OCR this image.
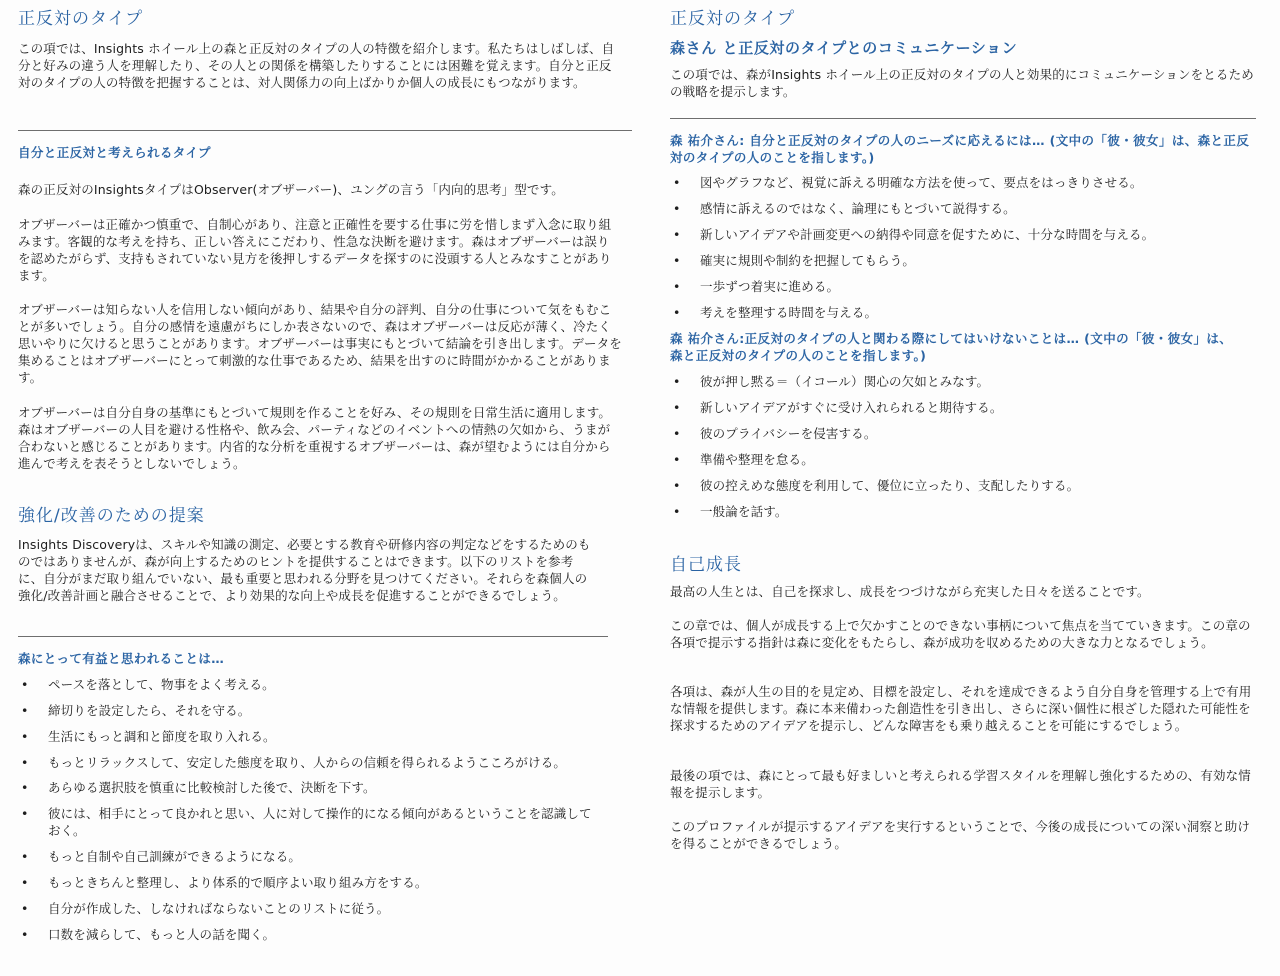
正反対のタイプ

この項では、Insights ホイール上の森と正反対のタイプの人の特徴を紹介します。私たちはしばしば、自分と好みの違う人を理解したり、その人との関係を構築したりすることには困難を覚えます。自分と正反対のタイプの人の特徴を把握することは、対人関係力の向上ばかりか個人の成長にもつながります。

自分と正反対と考えられるタイプ

森の正反対のInsightsタイプはObserver(オブザーバー)、ユングの言う「内向的思考」型です。

オブザーバーは正確かつ慎重で、自制心があり、注意と正確性を要する仕事に労を惜しまず入念に取り組みます。客観的な考えを持ち、正しい答えにこだわり、性急な決断を避けます。森はオブザーバーは誤りを認めたがらず、支持もされていない見方を後押しするデータを探すのに没頭する人とみなすことがあります。

オブザーバーは知らない人を信用しない傾向があり、結果や自分の評判、自分の仕事について気をもむことが多いでしょう。自分の感情を遠慮がちにしか表さないので、森はオブザーバーは反応が薄く、冷たく思いやりに欠けると思うことがあります。オブザーバーは事実にもとづいて結論を引き出します。データを集めることはオブザーバーにとって刺激的な仕事であるため、結果を出すのに時間がかかることがあります。

オブザーバーは自分自身の基準にもとづいて規則を作ることを好み、その規則を日常生活に適用します。森はオブザーバーの人目を避ける性格や、飲み会、パーティなどのイベントへの情熱の欠如から、うまが合わないと感じることがあります。内省的な分析を重視するオブザーバーは、森が望むようには自分から進んで考えを表そうとしないでしょう。

強化/改善のための提案

Insights Discoveryは、スキルや知識の測定、必要とする教育や研修内容の判定などをするためのものではありませんが、森が向上するためのヒントを提供することはできます。以下のリストを参考に、自分がまだ取り組んでいない、最も重要と思われる分野を見つけてください。それらを森個人の強化/改善計画と融合させることで、より効果的な向上や成長を促進することができるでしょう。

森にとって有益と思われることは…
• ペースを落として、物事をよく考える。
• 締切りを設定したら、それを守る。
• 生活にもっと調和と節度を取り入れる。
• もっとリラックスして、安定した態度を取り、人からの信頼を得られるようこころがける。
• あらゆる選択肢を慎重に比較検討した後で、決断を下す。
• 彼には、相手にとって良かれと思い、人に対して操作的になる傾向があるということを認識しておく。
• もっと自制や自己訓練ができるようになる。
• もっときちんと整理し、より体系的で順序よい取り組み方をする。
• 自分が作成した、しなければならないことのリストに従う。
• 口数を減らして、もっと人の話を聞く。
正反対のタイプ
森さん と正反対のタイプとのコミュニケーション

この項では、森がInsights ホイール上の正反対のタイプの人と効果的にコミュニケーションをとるための戦略を提示します。

森 祐介さん: 自分と正反対のタイプの人のニーズに応えるには… (文中の「彼・彼女」は、森と正反対のタイプの人のことを指します。)
• 図やグラフなど、視覚に訴える明確な方法を使って、要点をはっきりさせる。
• 感情に訴えるのではなく、論理にもとづいて説得する。
• 新しいアイデアや計画変更への納得や同意を促すために、十分な時間を与える。
• 確実に規則や制約を把握してもらう。
• 一歩ずつ着実に進める。
• 考えを整理する時間を与える。
森 祐介さん:正反対のタイプの人と関わる際にしてはいけないことは… (文中の「彼・彼女」は、森と正反対のタイプの人のことを指します。)
• 彼が押し黙る＝（イコール）関心の欠如とみなす。
• 新しいアイデアがすぐに受け入れられると期待する。
• 彼のプライバシーを侵害する。
• 準備や整理を怠る。
• 彼の控えめな態度を利用して、優位に立ったり、支配したりする。
• 一般論を話す。
自己成長

最高の人生とは、自己を探求し、成長をつづけながら充実した日々を送ることです。

この章では、個人が成長する上で欠かすことのできない事柄について焦点を当てていきます。この章の各項で提示する指針は森に変化をもたらし、森が成功を収めるための大きな力となるでしょう。

各項は、森が人生の目的を見定め、目標を設定し、それを達成できるよう自分自身を管理する上で有用な情報を提供します。森に本来備わった創造性を引き出し、さらに深い個性に根ざした隠れた可能性を探求するためのアイデアを提示し、どんな障害をも乗り越えることを可能にするでしょう。

最後の項では、森にとって最も好ましいと考えられる学習スタイルを理解し強化するための、有効な情報を提示します。

このプロファイルが提示するアイデアを実行するということで、今後の成長についての深い洞察と助けを得ることができるでしょう。
